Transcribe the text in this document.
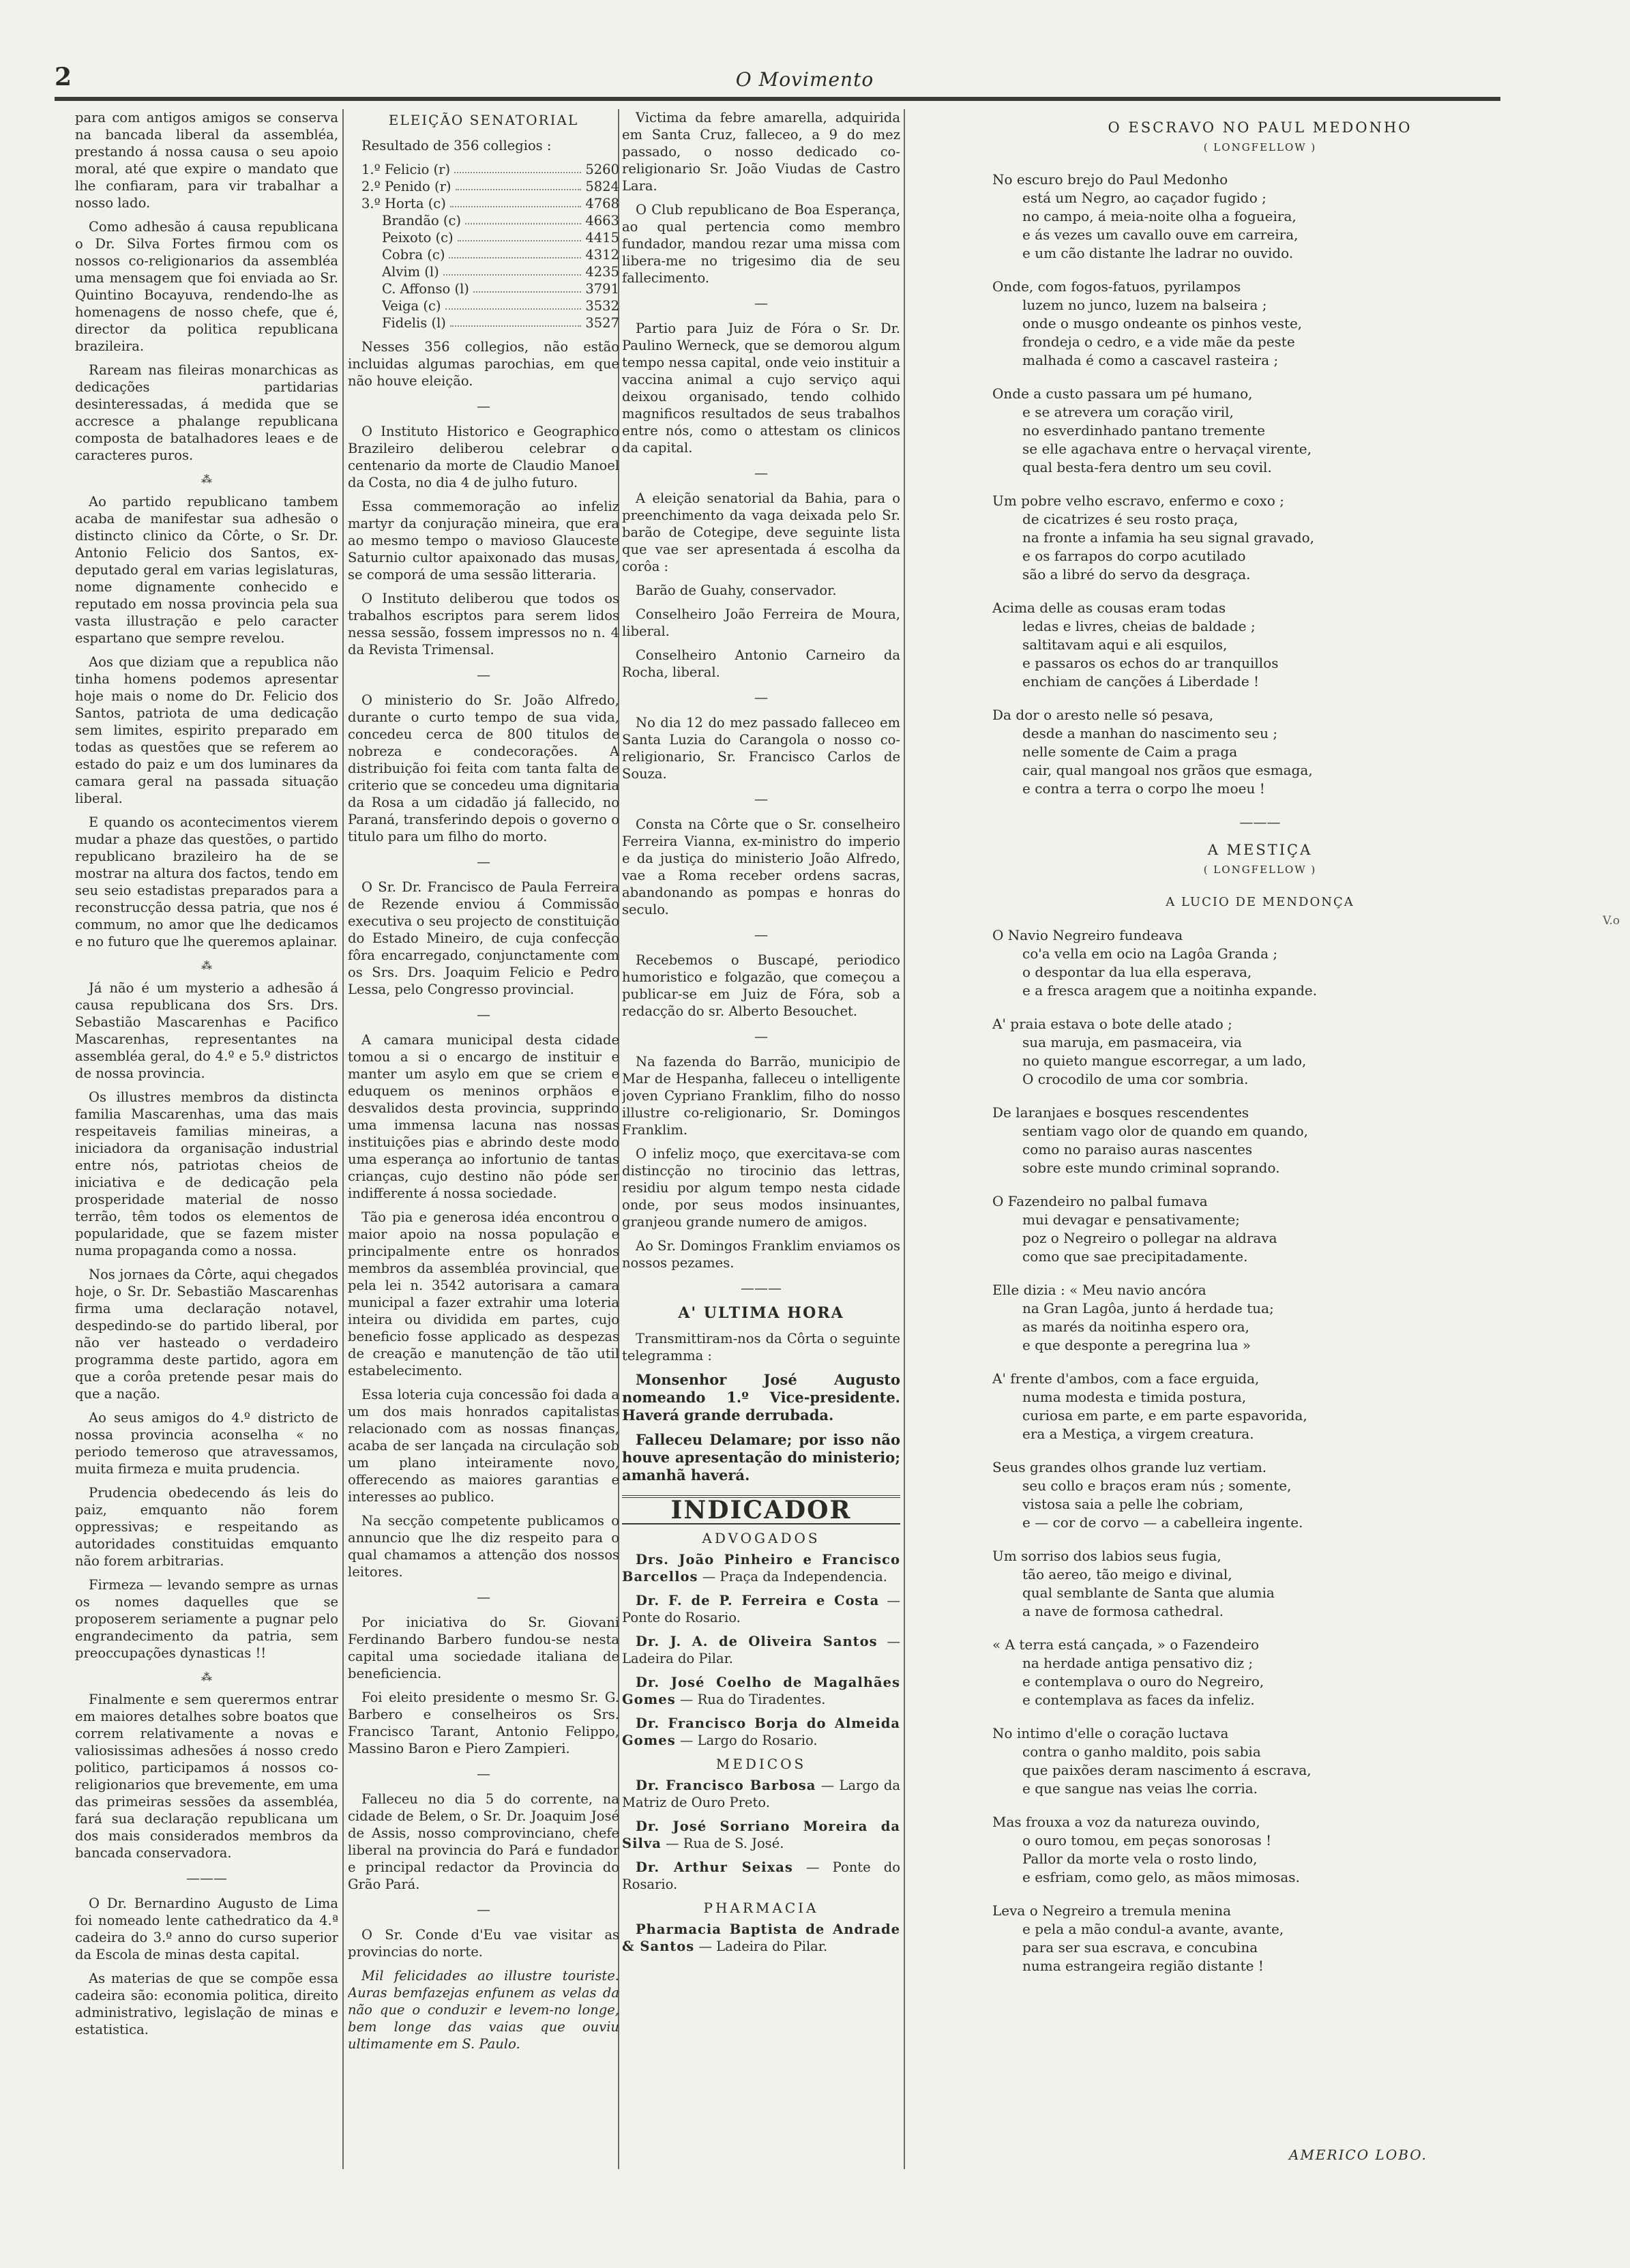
2	O Movimento

para com antigos amigos se conserva na bancada liberal da assembléa, prestando á nossa causa o seu apoio moral, até que expire o mandato que lhe confiaram, para vir trabalhar a nosso lado.

Como adhesão á causa republicana o Dr. Silva Fortes firmou com os nossos co-religionarios da assembléa uma mensagem que foi enviada ao Sr. Quintino Bocayuva, rendendo-lhe as homenagens de nosso chefe, que é, director da politica republicana brazileira.

Raream nas fileiras monarchicas as dedicações partidarias desinteressadas, á medida que se accresce a phalange republicana composta de batalhadores leaes e de caracteres puros.

⁂

Ao partido republicano tambem acaba de manifestar sua adhesão o distincto clinico da Côrte, o Sr. Dr. Antonio Felicio dos Santos, ex-deputado geral em varias legislaturas, nome dignamente conhecido e reputado em nossa provincia pela sua vasta illustração e pelo caracter espartano que sempre revelou.

Aos que diziam que a republica não tinha homens podemos apresentar hoje mais o nome do Dr. Felicio dos Santos, patriota de uma dedicação sem limites, espirito preparado em todas as questões que se referem ao estado do paiz e um dos luminares da camara geral na passada situação liberal.

E quando os acontecimentos vierem mudar a phaze das questões, o partido republicano brazileiro ha de se mostrar na altura dos factos, tendo em seu seio estadistas preparados para a reconstrucção dessa patria, que nos é commum, no amor que lhe dedicamos e no futuro que lhe queremos aplainar.

⁂

Já não é um mysterio a adhesão á causa republicana dos Srs. Drs. Sebastião Mascarenhas e Pacifico Mascarenhas, representantes na assembléa geral, do 4.º e 5.º districtos de nossa provincia.

Os illustres membros da distincta familia Mascarenhas, uma das mais respeitaveis familias mineiras, a iniciadora da organisação industrial entre nós, patriotas cheios de iniciativa e de dedicação pela prosperidade material de nosso terrão, têm todos os elementos de popularidade, que se fazem mister numa propaganda como a nossa.

Nos jornaes da Côrte, aqui chegados hoje, o Sr. Dr. Sebastião Mascarenhas firma uma declaração notavel, despedindo-se do partido liberal, por não ver hasteado o verdadeiro programma deste partido, agora em que a corôa pretende pesar mais do que a nação.

Ao seus amigos do 4.º districto de nossa provincia aconselha « no periodo temeroso que atravessamos, muita firmeza e muita prudencia.

Prudencia obedecendo ás leis do paiz, emquanto não forem oppressivas; e respeitando as autoridades constituidas emquanto não forem arbitrarias.

Firmeza — levando sempre as urnas os nomes daquelles que se proposerem seriamente a pugnar pelo engrandecimento da patria, sem preoccupações dynasticas !!

⁂

Finalmente e sem querermos entrar em maiores detalhes sobre boatos que correm relativamente a novas e valiosissimas adhesões á nosso credo politico, participamos á nossos co-religionarios que brevemente, em uma das primeiras sessões da assembléa, fará sua declaração republicana um dos mais considerados membros da bancada conservadora.

———

O Dr. Bernardino Augusto de Lima foi nomeado lente cathedratico da 4.ª cadeira do 3.º anno do curso superior da Escola de minas desta capital.

As materias de que se compõe essa cadeira são: economia politica, direito administrativo, legislação de minas e estatistica.

ELEIÇÃO SENATORIAL

Resultado de 356 collegios :

1.º Felicio (r)	5260
2.º Penido (r)	5824
3.º Horta (c)	4768
Brandão (c)	4663
Peixoto (c)	4415
Cobra (c)	4312
Alvim (l)	4235
C. Affonso (l)	3791
Veiga (c)	3532
Fidelis (l)	3527

Nesses 356 collegios, não estão incluidas algumas parochias, em que não houve eleição.

—

O Instituto Historico e Geographico Brazileiro deliberou celebrar o centenario da morte de Claudio Manoel da Costa, no dia 4 de julho futuro.

Essa commemoração ao infeliz martyr da conjuração mineira, que era ao mesmo tempo o mavioso Glauceste Saturnio cultor apaixonado das musas, se comporá de uma sessão litteraria.

O Instituto deliberou que todos os trabalhos escriptos para serem lidos nessa sessão, fossem impressos no n. 4 da Revista Trimensal.

—

O ministerio do Sr. João Alfredo, durante o curto tempo de sua vida, concedeu cerca de 800 titulos de nobreza e condecorações. A distribuição foi feita com tanta falta de criterio que se concedeu uma dignitaria da Rosa a um cidadão já fallecido, no Paraná, transferindo depois o governo o titulo para um filho do morto.

—

O Sr. Dr. Francisco de Paula Ferreira de Rezende enviou á Commissão executiva o seu projecto de constituição do Estado Mineiro, de cuja confecção fôra encarregado, conjunctamente com os Srs. Drs. Joaquim Felicio e Pedro Lessa, pelo Congresso provincial.

—

A camara municipal desta cidade tomou a si o encargo de instituir e manter um asylo em que se criem e eduquem os meninos orphãos e desvalidos desta provincia, supprindo uma immensa lacuna nas nossas instituições pias e abrindo deste modo uma esperança ao infortunio de tantas crianças, cujo destino não póde ser indifferente á nossa sociedade.

Tão pia e generosa idéa encontrou o maior apoio na nossa população e principalmente entre os honrados membros da assembléa provincial, que pela lei n. 3542 autorisara a camara municipal a fazer extrahir uma loteria inteira ou dividida em partes, cujo beneficio fosse applicado as despezas de creação e manutenção de tão util estabelecimento.

Essa loteria cuja concessão foi dada a um dos mais honrados capitalistas relacionado com as nossas finanças, acaba de ser lançada na circulação sob um plano inteiramente novo, offerecendo as maiores garantias e interesses ao publico.

Na secção competente publicamos o annuncio que lhe diz respeito para o qual chamamos a attenção dos nossos leitores.

—

Por iniciativa do Sr. Giovani Ferdinando Barbero fundou-se nesta capital uma sociedade italiana de beneficiencia.

Foi eleito presidente o mesmo Sr. G. Barbero e conselheiros os Srs. Francisco Tarant, Antonio Felippo, Massino Baron e Piero Zampieri.

—

Falleceu no dia 5 do corrente, na cidade de Belem, o Sr. Dr. Joaquim José de Assis, nosso comprovinciano, chefe liberal na provincia do Pará e fundador e principal redactor da Provincia do Grão Pará.

—

O Sr. Conde d'Eu vae visitar as provincias do norte.

Mil felicidades ao illustre touriste. Auras bemfazejas enfunem as velas da não que o conduzir e levem-no longe, bem longe das vaias que ouviu ultimamente em S. Paulo.

Victima da febre amarella, adquirida em Santa Cruz, falleceo, a 9 do mez passado, o nosso dedicado co-religionario Sr. João Viudas de Castro Lara.

O Club republicano de Boa Esperança, ao qual pertencia como membro fundador, mandou rezar uma missa com libera-me no trigesimo dia de seu fallecimento.

—

Partio para Juiz de Fóra o Sr. Dr. Paulino Werneck, que se demorou algum tempo nessa capital, onde veio instituir a vaccina animal a cujo serviço aqui deixou organisado, tendo colhido magnificos resultados de seus trabalhos entre nós, como o attestam os clinicos da capital.

—

A eleição senatorial da Bahia, para o preenchimento da vaga deixada pelo Sr. barão de Cotegipe, deve seguinte lista que vae ser apresentada á escolha da corôa :

Barão de Guahy, conservador.

Conselheiro João Ferreira de Moura, liberal.

Conselheiro Antonio Carneiro da Rocha, liberal.

—

No dia 12 do mez passado falleceo em Santa Luzia do Carangola o nosso co-religionario, Sr. Francisco Carlos de Souza.

—

Consta na Côrte que o Sr. conselheiro Ferreira Vianna, ex-ministro do imperio e da justiça do ministerio João Alfredo, vae a Roma receber ordens sacras, abandonando as pompas e honras do seculo.

—

Recebemos o Buscapé, periodico humoristico e folgazão, que começou a publicar-se em Juiz de Fóra, sob a redacção do sr. Alberto Besouchet.

—

Na fazenda do Barrão, municipio de Mar de Hespanha, falleceu o intelligente joven Cypriano Franklim, filho do nosso illustre co-religionario, Sr. Domingos Franklim.

O infeliz moço, que exercitava-se com distincção no tirocinio das lettras, residiu por algum tempo nesta cidade onde, por seus modos insinuantes, granjeou grande numero de amigos.

Ao Sr. Domingos Franklim enviamos os nossos pezames.

———
A' ULTIMA HORA

Transmittiram-nos da Côrta o seguinte telegramma :

Monsenhor José Augusto nomeando 1.º Vice-presidente. Haverá grande derrubada.

Falleceu Delamare; por isso não houve apresentação do ministerio; amanhã haverá.

INDICADOR
ADVOGADOS

Drs. João Pinheiro e Francisco Barcellos — Praça da Independencia.

Dr. F. de P. Ferreira e Costa — Ponte do Rosario.

Dr. J. A. de Oliveira Santos — Ladeira do Pilar.

Dr. José Coelho de Magalhães Gomes — Rua do Tiradentes.

Dr. Francisco Borja do Almeida Gomes — Largo do Rosario.

MEDICOS

Dr. Francisco Barbosa — Largo da Matriz de Ouro Preto.

Dr. José Sorriano Moreira da Silva — Rua de S. José.

Dr. Arthur Seixas — Ponte do Rosario.

PHARMACIA

Pharmacia Baptista de Andrade & Santos — Ladeira do Pilar.

O ESCRAVO NO PAUL MEDONHO
( LONGFELLOW )
No escuro brejo do Paul Medonho
está um Negro, ao caçador fugido ;
no campo, á meia-noite olha a fogueira,
e ás vezes um cavallo ouve em carreira,
e um cão distante lhe ladrar no ouvido.
Onde, com fogos-fatuos, pyrilampos
luzem no junco, luzem na balseira ;
onde o musgo ondeante os pinhos veste,
frondeja o cedro, e a vide mãe da peste
malhada é como a cascavel rasteira ;
Onde a custo passara um pé humano,
e se atrevera um coração viril,
no esverdinhado pantano tremente
se elle agachava entre o hervaçal virente,
qual besta-fera dentro um seu covil.
Um pobre velho escravo, enfermo e coxo ;
de cicatrizes é seu rosto praça,
na fronte a infamia ha seu signal gravado,
e os farrapos do corpo acutilado
são a libré do servo da desgraça.
Acima delle as cousas eram todas
ledas e livres, cheias de baldade ;
saltitavam aqui e ali esquilos,
e passaros os echos do ar tranquillos
enchiam de canções á Liberdade !
Da dor o aresto nelle só pesava,
desde a manhan do nascimento seu ;
nelle somente de Caim a praga
cair, qual mangoal nos grãos que esmaga,
e contra a terra o corpo lhe moeu !
———
A MESTIÇA
( LONGFELLOW )
A LUCIO DE MENDONÇA
O Navio Negreiro fundeava
co'a vella em ocio na Lagôa Granda ;
o despontar da lua ella esperava,
e a fresca aragem que a noitinha expande.
A' praia estava o bote delle atado ;
sua maruja, em pasmaceira, via
no quieto mangue escorregar, a um lado,
O crocodilo de uma cor sombria.
De laranjaes e bosques rescendentes
sentiam vago olor de quando em quando,
como no paraiso auras nascentes
sobre este mundo criminal soprando.
O Fazendeiro no palbal fumava
mui devagar e pensativamente;
poz o Negreiro o pollegar na aldrava
como que sae precipitadamente.
Elle dizia : « Meu navio ancóra
na Gran Lagôa, junto á herdade tua;
as marés da noitinha espero ora,
e que desponte a peregrina lua »
A' frente d'ambos, com a face erguida,
numa modesta e timida postura,
curiosa em parte, e em parte espavorida,
era a Mestiça, a virgem creatura.
Seus grandes olhos grande luz vertiam.
seu collo e braços eram nús ; somente,
vistosa saia a pelle lhe cobriam,
e — cor de corvo — a cabelleira ingente.
Um sorriso dos labios seus fugia,
tão aereo, tão meigo e divinal,
qual semblante de Santa que alumia
a nave de formosa cathedral.
« A terra está cançada, » o Fazendeiro
na herdade antiga pensativo diz ;
e contemplava o ouro do Negreiro,
e contemplava as faces da infeliz.
No intimo d'elle o coração luctava
contra o ganho maldito, pois sabia
que paixões deram nascimento á escrava,
e que sangue nas veias lhe corria.
Mas frouxa a voz da natureza ouvindo,
o ouro tomou, em peças sonorosas !
Pallor da morte vela o rosto lindo,
e esfriam, como gelo, as mãos mimosas.
Leva o Negreiro a tremula menina
e pela a mão condul-a avante, avante,
para ser sua escrava, e concubina
numa estrangeira região distante !
AMERICO LOBO.
V.o
